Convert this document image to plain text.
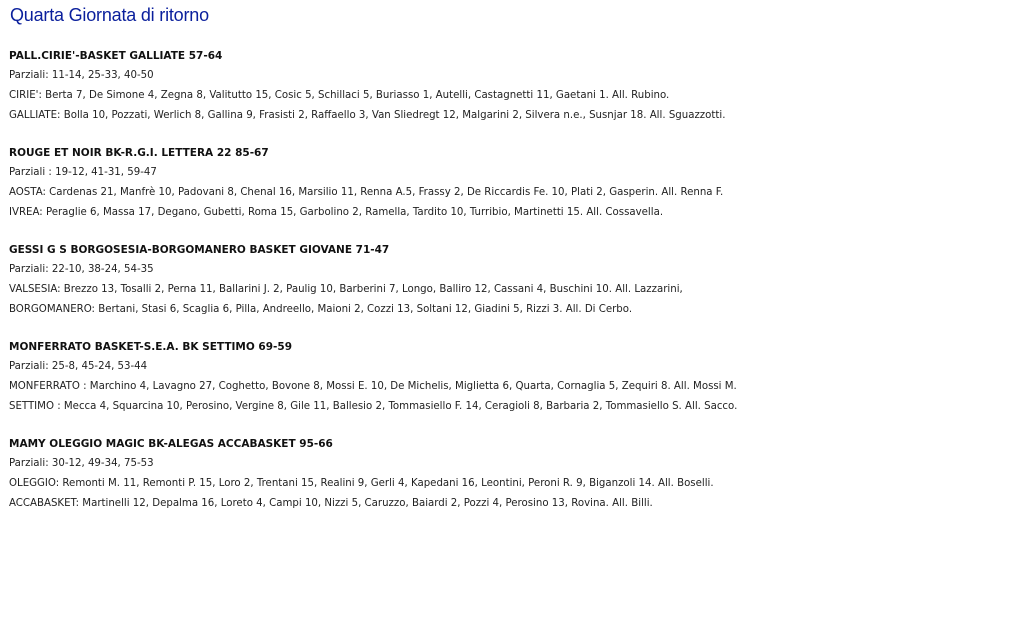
Quarta Giornata di ritorno
PALL.CIRIE'-BASKET GALLIATE 57-64
Parziali: 11-14, 25-33, 40-50
CIRIE': Berta 7, De Simone 4, Zegna 8, Valitutto 15, Cosic 5, Schillaci 5, Buriasso 1, Autelli, Castagnetti 11, Gaetani 1. All. Rubino.
GALLIATE: Bolla 10, Pozzati, Werlich 8, Gallina 9, Frasisti 2, Raffaello 3, Van Sliedregt 12, Malgarini 2, Silvera n.e., Susnjar 18. All. Sguazzotti.
ROUGE ET NOIR BK-R.G.I. LETTERA 22 85-67
Parziali : 19-12, 41-31, 59-47
AOSTA: Cardenas 21, Manfrè 10, Padovani 8, Chenal 16, Marsilio 11, Renna A.5, Frassy 2, De Riccardis Fe. 10, Plati 2, Gasperin. All. Renna F.
IVREA: Peraglie 6, Massa 17, Degano, Gubetti, Roma 15, Garbolino 2, Ramella, Tardito 10, Turribio, Martinetti 15. All. Cossavella.
GESSI G S BORGOSESIA-BORGOMANERO BASKET GIOVANE 71-47
Parziali: 22-10, 38-24, 54-35
VALSESIA: Brezzo 13, Tosalli 2, Perna 11, Ballarini J. 2, Paulig 10, Barberini 7, Longo, Balliro 12, Cassani 4, Buschini 10. All. Lazzarini,
BORGOMANERO: Bertani, Stasi 6, Scaglia 6, Pilla, Andreello, Maioni 2, Cozzi 13, Soltani 12, Giadini 5, Rizzi 3. All. Di Cerbo.
MONFERRATO BASKET-S.E.A. BK SETTIMO 69-59
Parziali: 25-8, 45-24, 53-44
MONFERRATO : Marchino 4, Lavagno 27, Coghetto, Bovone 8, Mossi E. 10, De Michelis, Miglietta 6, Quarta, Cornaglia 5, Zequiri 8. All. Mossi M.
SETTIMO : Mecca 4, Squarcina 10, Perosino, Vergine 8, Gile 11, Ballesio 2, Tommasiello F. 14, Ceragioli 8, Barbaria 2, Tommasiello S. All. Sacco.
MAMY OLEGGIO MAGIC BK-ALEGAS ACCABASKET 95-66
Parziali: 30-12, 49-34, 75-53
OLEGGIO: Remonti M. 11, Remonti P. 15, Loro 2, Trentani 15, Realini 9, Gerli 4, Kapedani 16, Leontini, Peroni R. 9, Biganzoli 14. All. Boselli.
ACCABASKET: Martinelli 12, Depalma 16, Loreto 4, Campi 10, Nizzi 5, Caruzzo, Baiardi 2, Pozzi 4, Perosino 13, Rovina. All. Billi.
